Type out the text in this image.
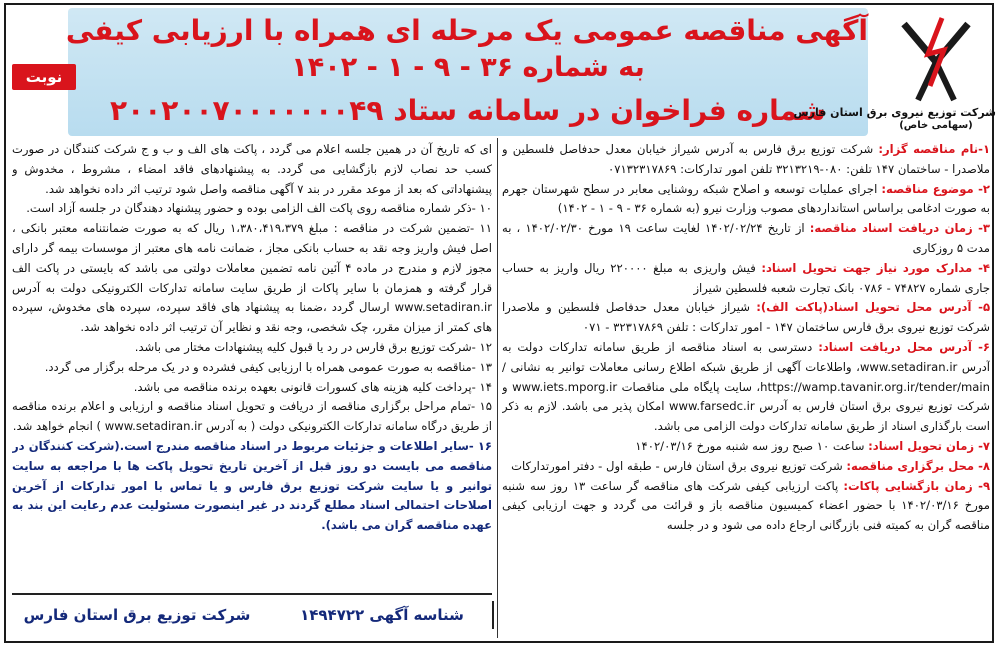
آگهی مناقصه عمومی یک مرحله ای همراه با ارزیابی کیفی
به شماره ۳۶ - ۹ - ۱ - ۱۴۰۲
شماره فراخوان در سامانه ستاد ۲۰۰۲۰۰۷۰۰۰۰۰۰۰۴۹
نوبت اول
شرکت توزیع نیروی برق استان فارس
(سهامی خاص)

۱-نام مناقصه گزار: شرکت توزیع برق فارس به آدرس شیراز خیابان معدل حدفاصل فلسطین و ملاصدرا - ساختمان ۱۴۷ تلفن: ۰۸۰-۳۲۱۳۲۱۹ تلفن امور تدارکات: ۰۷۱۳۲۳۱۷۸۶۹

۲- موضوع مناقصه: اجرای عملیات توسعه و اصلاح شبکه روشنایی معابر در سطح شهرستان جهرم به صورت ادغامی براساس استانداردهای مصوب وزارت نیرو (به شماره ۳۶ - ۹ - ۱ - ۱۴۰۲)

۳- زمان دریافت اسناد مناقصه: از تاریخ ۱۴۰۲/۰۲/۲۴ لغایت ساعت ۱۹ مورخ ۱۴۰۲/۰۲/۳۰ ، به مدت ۵ روزکاری

۴- مدارک مورد نیاز جهت تحویل اسناد: فیش واریزی به مبلغ ۲۲۰۰۰۰ ریال واریز به حساب جاری شماره ۷۴۸۲۷ - ۰۷۸۶ بانک تجارت شعبه فلسطین شیراز

۵- آدرس محل تحویل اسناد(پاکت الف): شیراز خیابان معدل حدفاصل فلسطین و ملاصدرا شرکت توزیع نیروی برق فارس ساختمان ۱۴۷ - امور تدارکات : تلفن ۳۲۳۱۷۸۶۹ - ۰۷۱

۶- آدرس محل دریافت اسناد: دسترسی به اسناد مناقصه از طریق سامانه تدارکات دولت به آدرس www.setadiran.ir، واطلاعات آگهی از طریق شبکه اطلاع رسانی معاملات توانیر به نشانی / https://wamp.tavanir.org.ir/tender/main، سایت پایگاه ملی مناقصات www.iets.mporg.ir و شرکت توزیع نیروی برق استان فارس به آدرس www.farsedc.ir امکان پذیر می باشد. لازم به ذکر است بارگذاری اسناد از طریق سامانه تدارکات دولت الزامی می باشد.

۷- زمان تحویل اسناد: ساعت ۱۰ صبح روز سه شنبه مورخ ۱۴۰۲/۰۳/۱۶

۸- محل برگزاری مناقصه: شرکت توزیع نیروی برق استان فارس - طبقه اول - دفتر امورتدارکات

۹- زمان بازگشایی پاکات: پاکت ارزیابی کیفی شرکت های مناقصه گر ساعت ۱۳ روز سه شنبه مورخ ۱۴۰۲/۰۳/۱۶ با حضور اعضاء کمیسیون مناقصه باز و قرائت می گردد و جهت ارزیابی کیفی مناقصه گران به کمیته فنی بازرگانی ارجاع داده می شود و در جلسه

ای که تاریخ آن در همین جلسه اعلام می گردد ، پاکت های الف و ب و ج شرکت کنندگان در صورت کسب حد نصاب لازم بازگشایی می گردد. به پیشنهادهای فاقد امضاء ، مشروط ، مخدوش و پیشنهاداتی که بعد از موعد مقرر در بند ۷ آگهی مناقصه واصل شود ترتیب اثر داده نخواهد شد.

۱۰ -ذکر شماره مناقصه روی پاکت الف الزامی بوده و حضور پیشنهاد دهندگان در جلسه آزاد است.

۱۱ -تضمین شرکت در مناقصه : مبلغ ۱،۳۸۰،۴۱۹،۳۷۹ ریال که به صورت ضمانتنامه معتبر بانکی ، اصل فیش واریز وجه نقد به حساب بانکی مجاز ، ضمانت نامه های معتبر از موسسات بیمه گر دارای مجوز لازم و مندرج در ماده ۴ آئین نامه تضمین معاملات دولتی می باشد که بایستی در پاکت الف قرار گرفته و همزمان با سایر پاکات از طریق سایت سامانه تدارکات الکترونیکی دولت به آدرس www.setadiran.ir ارسال گردد ،ضمنا به پیشنهاد های فاقد سپرده، سپرده های مخدوش، سپرده های کمتر از میزان مقرر، چک شخصی، وجه نقد و نظایر آن ترتیب اثر داده نخواهد شد.

۱۲ -شرکت توزیع برق فارس در رد یا قبول کلیه پیشنهادات مختار می باشد.

۱۳ -مناقصه به صورت عمومی همراه با ارزیابی کیفی فشرده و در یک مرحله برگزار می گردد.

۱۴ -پرداخت کلیه هزینه های کسورات قانونی بعهده برنده مناقصه می باشد.

۱۵ -تمام مراحل برگزاری مناقصه از دریافت و تحویل اسناد مناقصه و ارزیابی و اعلام برنده مناقصه از طریق درگاه سامانه تدارکات الکترونیکی دولت ( به آدرس www.setadiran.ir ) انجام خواهد شد.

۱۶ -سایر اطلاعات و جزئیات مربوط در اسناد مناقصه مندرج است.(شرکت کنندگان در مناقصه می بایست دو روز قبل از آخرین تاریخ تحویل پاکت ها با مراجعه به سایت توانیر و یا سایت شرکت توزیع برق فارس و یا تماس با امور تدارکات از آخرین اصلاحات احتمالی اسناد مطلع گردند در غیر اینصورت مسئولیت عدم رعایت این بند به عهده مناقصه گران می باشد).

شرکت توزیع برق استان فارس	شناسه آگهی ۱۴۹۴۷۲۲
